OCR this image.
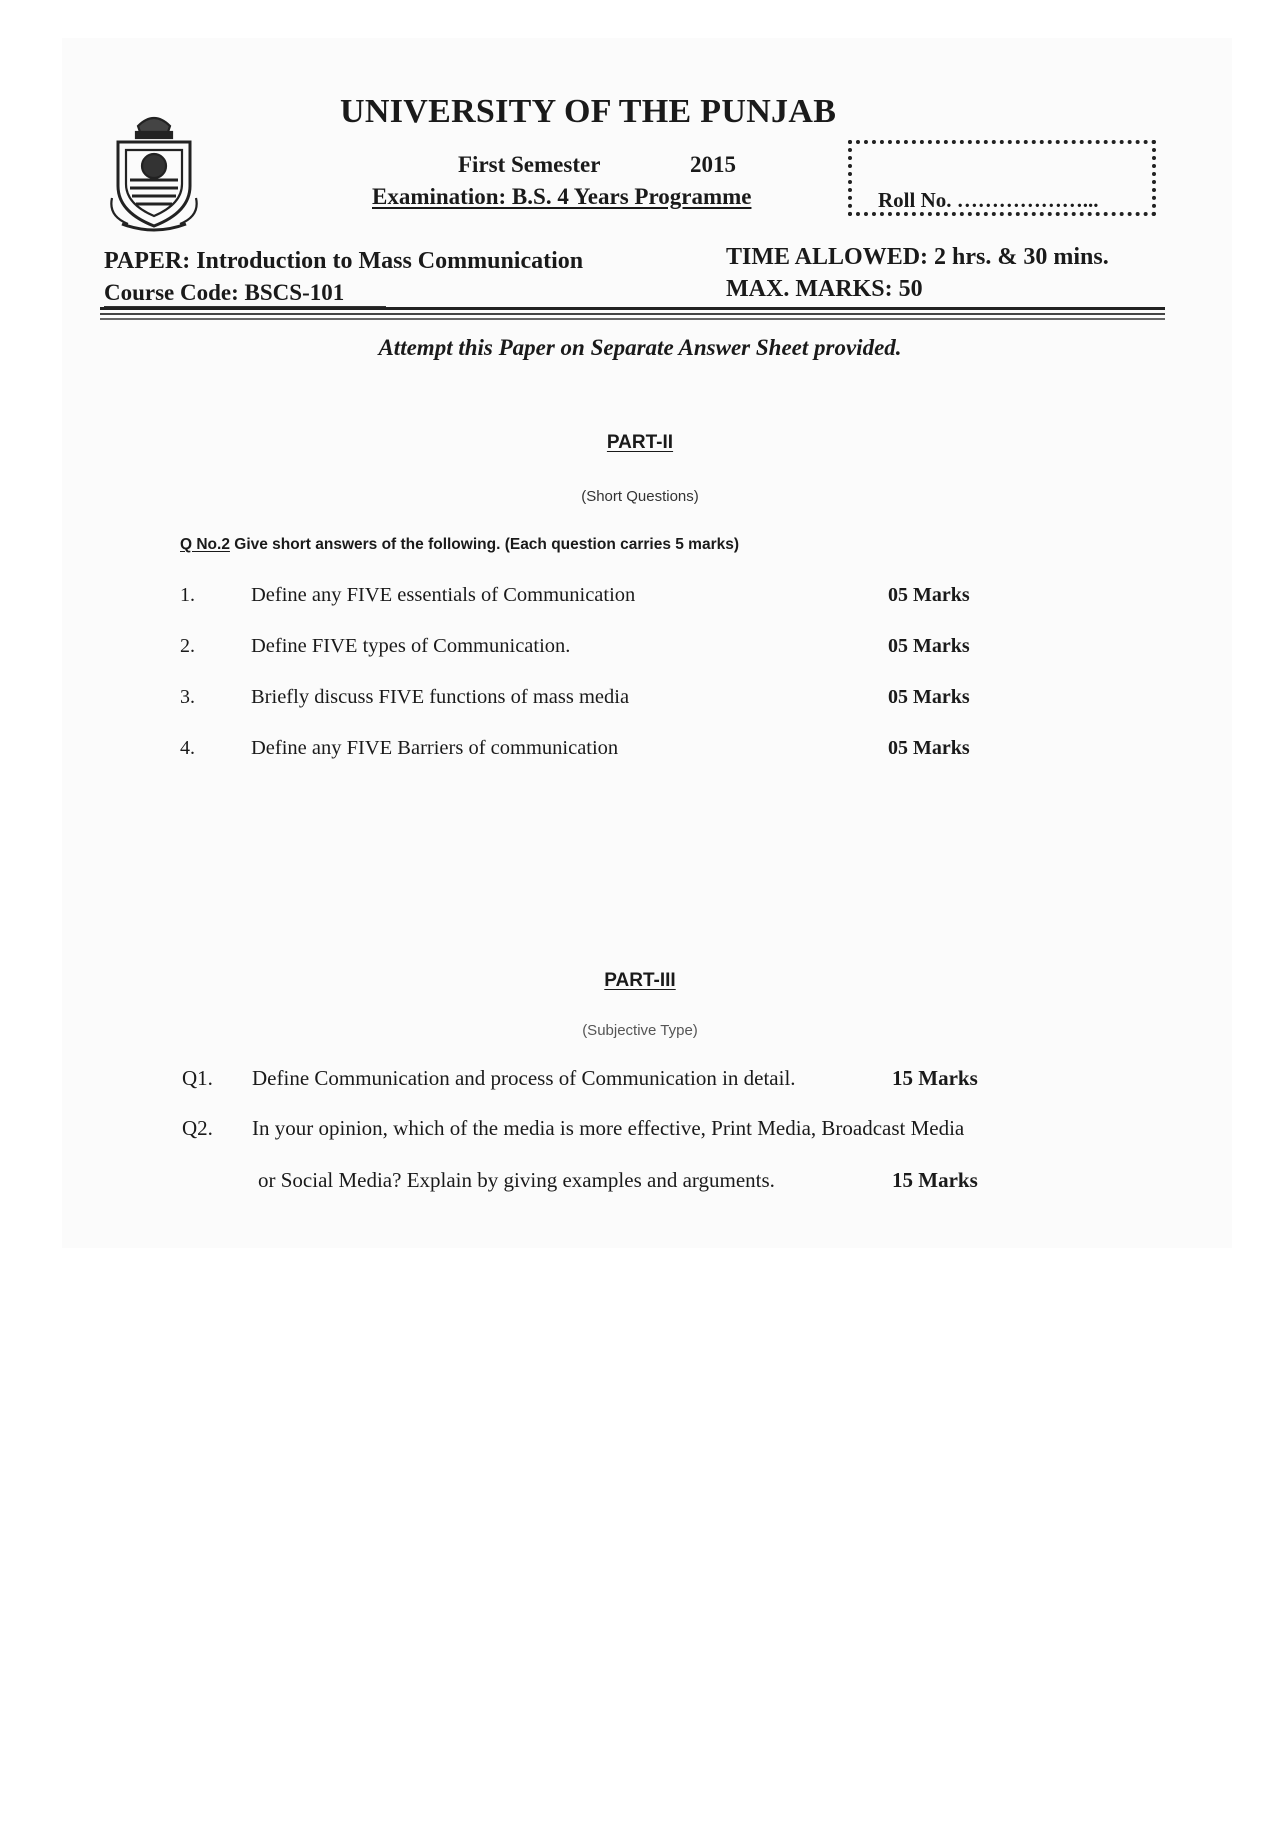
UNIVERSITY OF THE PUNJAB
First Semester	2015
Examination: B.S. 4 Years Programme	Roll No. ………………...
PAPER: Introduction to Mass Communication
Course Code: BSCS-101
TIME ALLOWED: 2 hrs. & 30 mins.
MAX. MARKS: 50
Attempt this Paper on Separate Answer Sheet provided.
PART-II
(Short Questions)
Q No.2 Give short answers of the following. (Each question carries 5 marks)
1.	Define any FIVE essentials of Communication	05 Marks
2.	Define FIVE types of Communication.	05 Marks
3.	Briefly discuss FIVE functions of mass media	05 Marks
4.	Define any FIVE Barriers of communication	05 Marks
PART-III
(Subjective Type)
Q1. Define Communication and process of Communication in detail.	15 Marks
Q2. In your opinion, which of the media is more effective, Print Media, Broadcast Media
or Social Media? Explain by giving examples and arguments.	15 Marks
